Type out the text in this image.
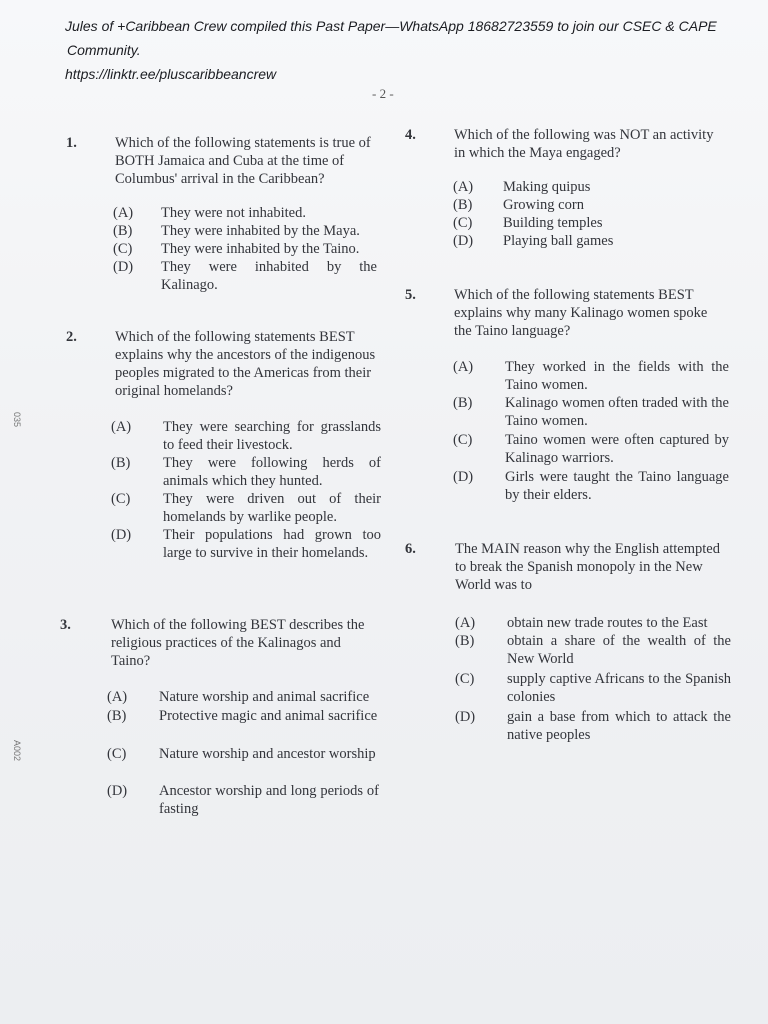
Jules of +Caribbean Crew compiled this Past Paper—WhatsApp 18682723559 to join our CSEC & CAPE
Community.
https://linktr.ee/pluscaribbeancrew
- 2 -
035
A002
1.	Which of the following statements is true of BOTH Jamaica and Cuba at the time of Columbus' arrival in the Caribbean?
(A) They were not inhabited.
(B) They were inhabited by the Maya.
(C) They were inhabited by the Taino.
(D) They were inhabited by the Kalinago.
2.	Which of the following statements BEST explains why the ancestors of the indigenous peoples migrated to the Americas from their original homelands?
(A) They were searching for grasslands to feed their livestock.
(B) They were following herds of animals which they hunted.
(C) They were driven out of their homelands by warlike people.
(D) Their populations had grown too large to survive in their homelands.
3.	Which of the following BEST describes the religious practices of the Kalinagos and Taino?
(A) Nature worship and animal sacrifice
(B) Protective magic and animal sacrifice
(C) Nature worship and ancestor worship
(D) Ancestor worship and long periods of fasting
4.	Which of the following was NOT an activity in which the Maya engaged?
(A) Making quipus
(B) Growing corn
(C) Building temples
(D) Playing ball games
5.	Which of the following statements BEST explains why many Kalinago women spoke the Taino language?
(A) They worked in the fields with the Taino women.
(B) Kalinago women often traded with the Taino women.
(C) Taino women were often captured by Kalinago warriors.
(D) Girls were taught the Taino language by their elders.
6.	The MAIN reason why the English attempted to break the Spanish monopoly in the New World was to
(A) obtain new trade routes to the East
(B) obtain a share of the wealth of the New World
(C) supply captive Africans to the Spanish colonies
(D) gain a base from which to attack the native peoples
